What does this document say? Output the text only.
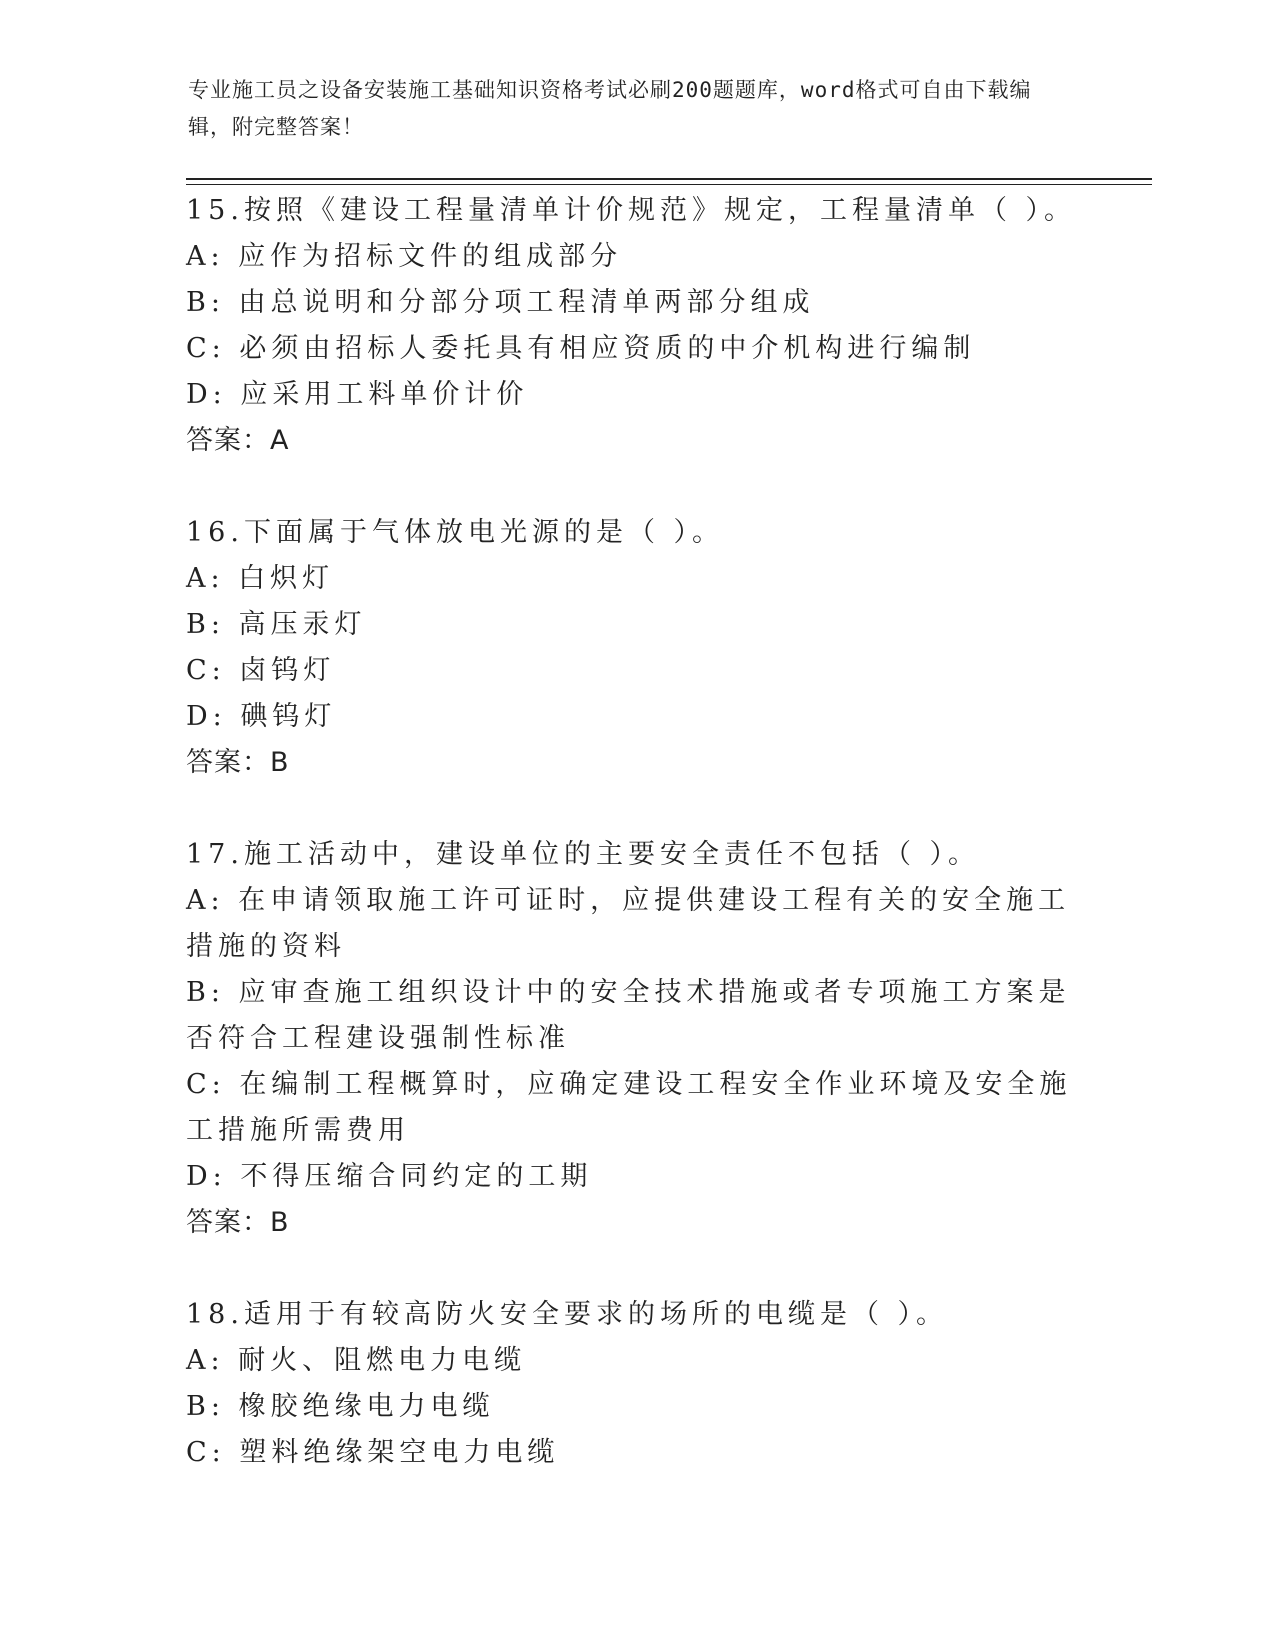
专业施工员之设备安装施工基础知识资格考试必刷200题题库，word格式可自由下载编辑，附完整答案！
15.按照《建设工程量清单计价规范》规定，工程量清单（ ）。
A: 应作为招标文件的组成部分
B: 由总说明和分部分项工程清单两部分组成
C: 必须由招标人委托具有相应资质的中介机构进行编制
D: 应采用工料单价计价
答案：A
16.下面属于气体放电光源的是（ ）。
A: 白炽灯
B: 高压汞灯
C: 卤钨灯
D: 碘钨灯
答案：B
17.施工活动中，建设单位的主要安全责任不包括（ ）。
A: 在申请领取施工许可证时，应提供建设工程有关的安全施工措施的资料
B: 应审查施工组织设计中的安全技术措施或者专项施工方案是否符合工程建设强制性标准
C: 在编制工程概算时，应确定建设工程安全作业环境及安全施工措施所需费用
D: 不得压缩合同约定的工期
答案：B
18.适用于有较高防火安全要求的场所的电缆是（ ）。
A: 耐火、阻燃电力电缆
B: 橡胶绝缘电力电缆
C: 塑料绝缘架空电力电缆
